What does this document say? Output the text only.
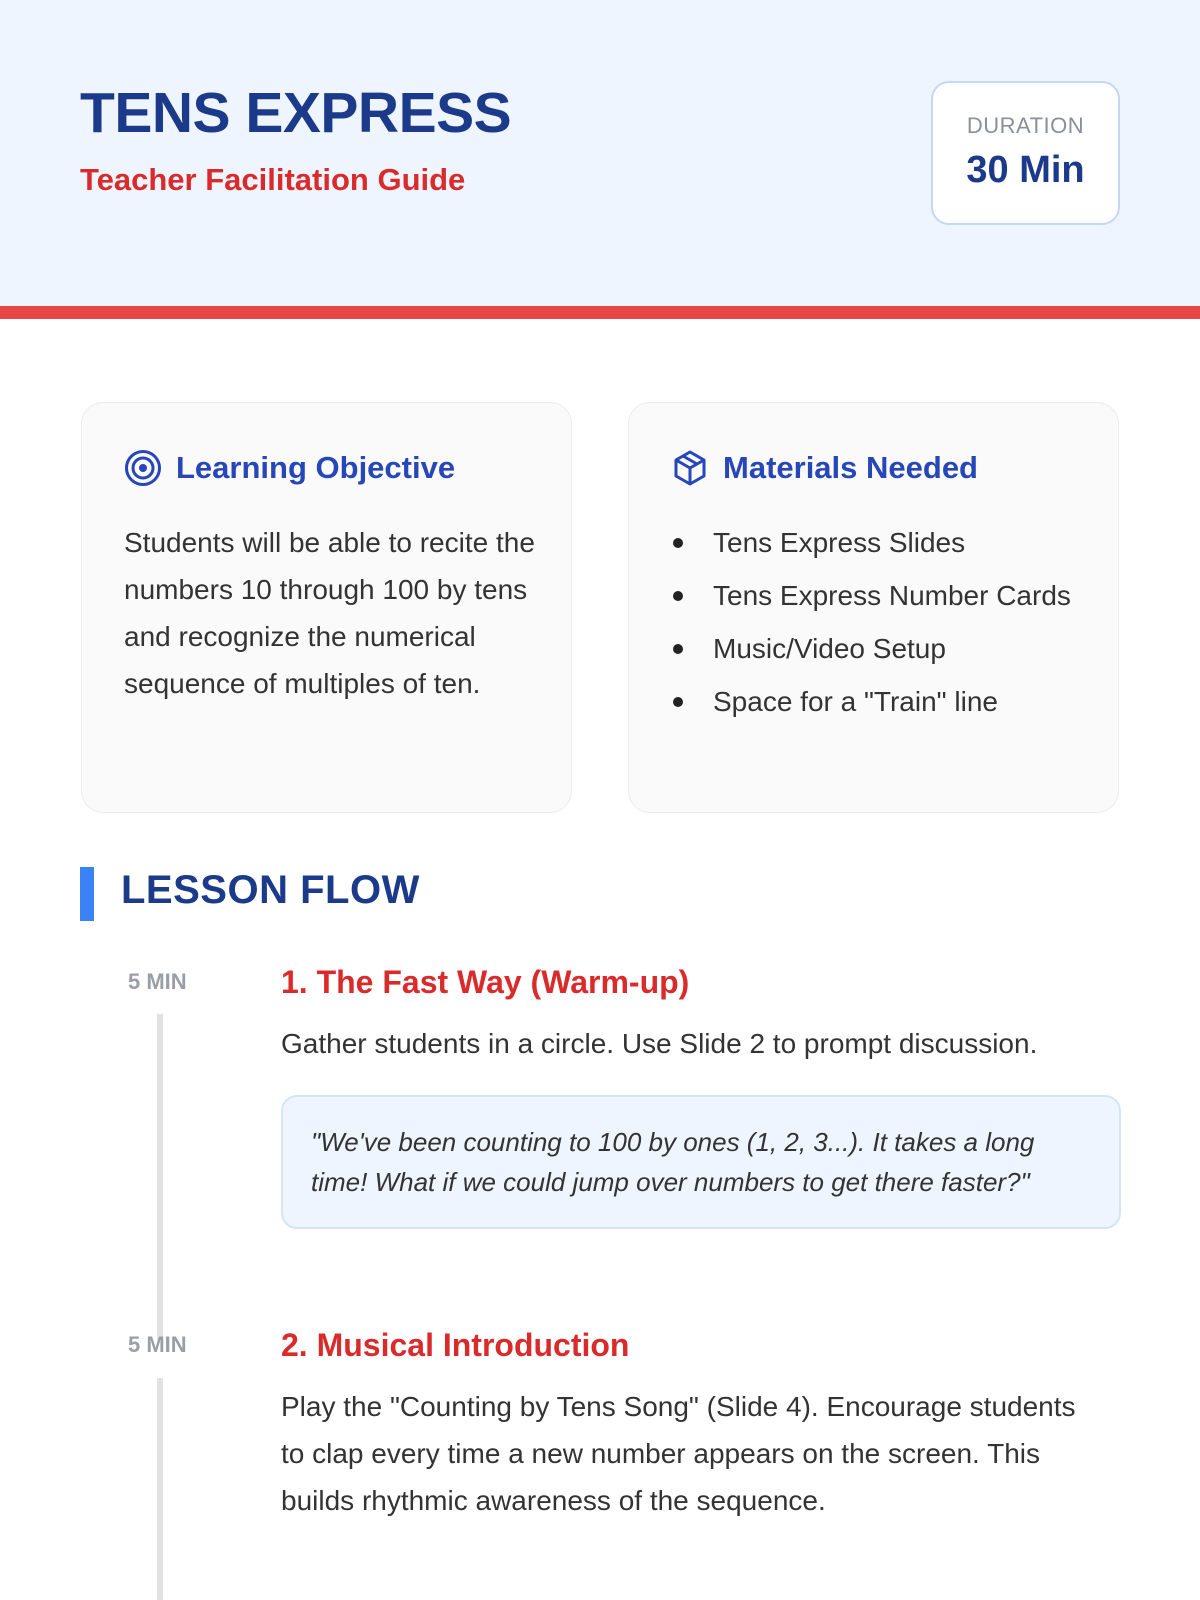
TENS EXPRESS
Teacher Facilitation Guide
DURATION
30 Min
Learning Objective

Students will be able to recite the numbers 10 through 100 by tens and recognize the numerical sequence of multiples of ten.

Materials Needed
Tens Express Slides
Tens Express Number Cards
Music/Video Setup
Space for a "Train" line
LESSON FLOW
5 MIN	1. The Fast Way (Warm-up)

Gather students in a circle. Use Slide 2 to prompt discussion.

"We've been counting to 100 by ones (1, 2, 3...). It takes a long time! What if we could jump over numbers to get there faster?"
5 MIN	2. Musical Introduction

Play the "Counting by Tens Song" (Slide 4). Encourage students to clap every time a new number appears on the screen. This builds rhythmic awareness of the sequence.
